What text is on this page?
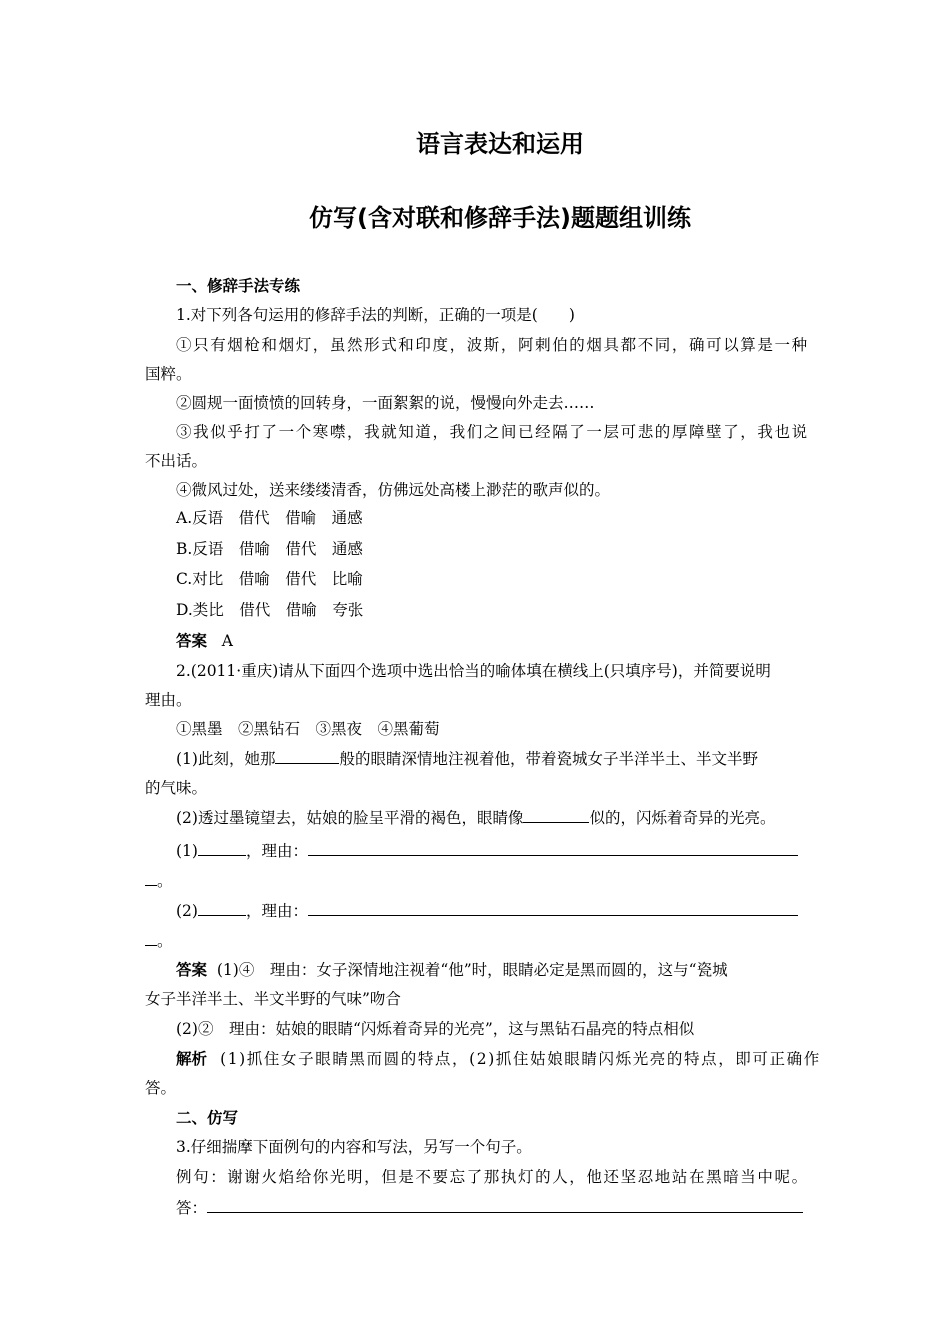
语言表达和运用
仿写(含对联和修辞手法)题题组训练
一、修辞手法专练
1.对下列各句运用的修辞手法的判断，正确的一项是(　　)
①只有烟枪和烟灯，虽然形式和印度，波斯，阿剌伯的烟具都不同，确可以算是一种
国粹。
②圆规一面愤愤的回转身，一面絮絮的说，慢慢向外走去……
③我似乎打了一个寒噤，我就知道，我们之间已经隔了一层可悲的厚障壁了，我也说
不出话。
④微风过处，送来缕缕清香，仿佛远处高楼上渺茫的歌声似的。
A.反语　借代　借喻　通感
B.反语　借喻　借代　通感
C.对比　借喻　借代　比喻
D.类比　借代　借喻　夸张
答案 A
2.(2011·重庆)请从下面四个选项中选出恰当的喻体填在横线上(只填序号)，并简要说明
理由。
①黑墨　②黑钻石　③黑夜　④黑葡萄
(1)此刻，她那	般的眼睛深情地注视着他，带着瓷城女子半洋半土、半文半野
的气味。
(2)透过墨镜望去，姑娘的脸呈平滑的褐色，眼睛像	似的，闪烁着奇异的光亮。
(1)	，理由：
。
(2)	，理由：
。
答案 (1)④　理由：女子深情地注视着“他”时，眼睛必定是黑而圆的，这与“瓷城
女子半洋半土、半文半野的气味”吻合
(2)②　理由：姑娘的眼睛“闪烁着奇异的光亮”，这与黑钻石晶亮的特点相似
解析 (1)抓住女子眼睛黑而圆的特点，(2)抓住姑娘眼睛闪烁光亮的特点，即可正确作
答。
二、仿写
3.仔细揣摩下面例句的内容和写法，另写一个句子。
例句：谢谢火焰给你光明，但是不要忘了那执灯的人，他还坚忍地站在黑暗当中呢。
答：
